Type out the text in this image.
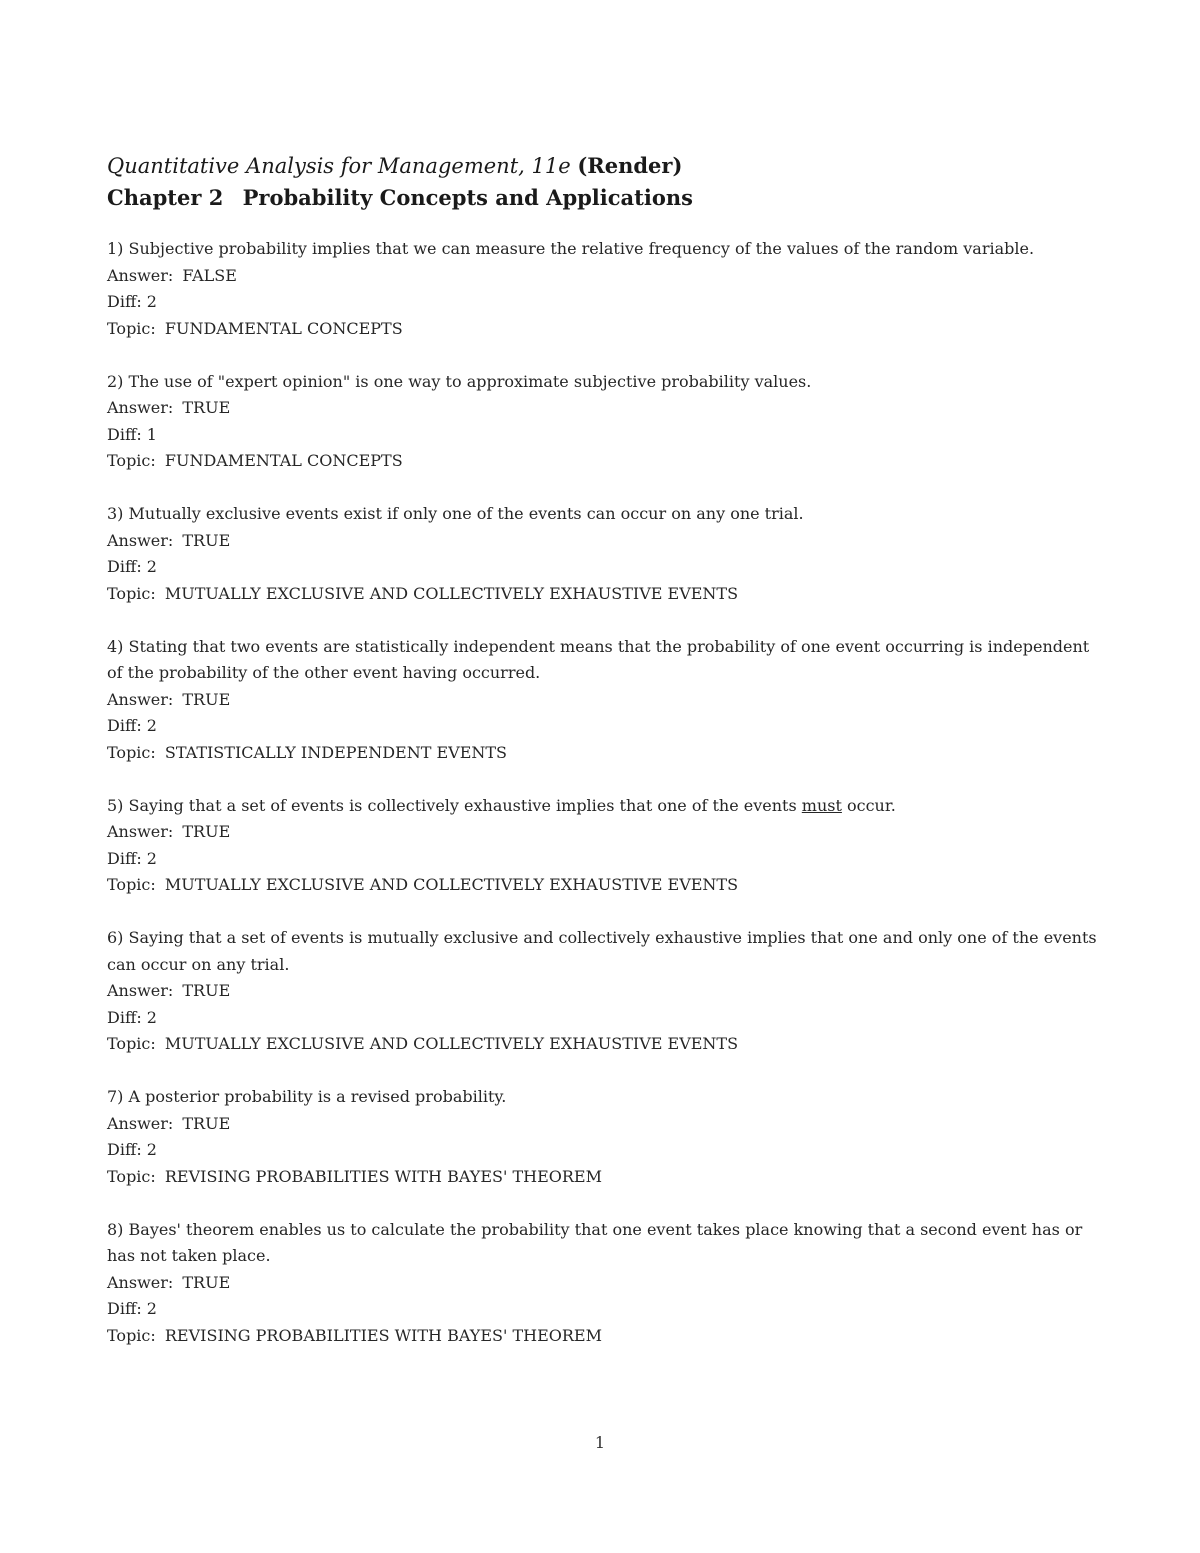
Quantitative Analysis for Management, 11e (Render)
Chapter 2 Probability Concepts and Applications
1) Subjective probability implies that we can measure the relative frequency of the values of the random variable.
Answer: FALSE
Diff: 2
Topic: FUNDAMENTAL CONCEPTS
2) The use of "expert opinion" is one way to approximate subjective probability values.
Answer: TRUE
Diff: 1
Topic: FUNDAMENTAL CONCEPTS
3) Mutually exclusive events exist if only one of the events can occur on any one trial.
Answer: TRUE
Diff: 2
Topic: MUTUALLY EXCLUSIVE AND COLLECTIVELY EXHAUSTIVE EVENTS
4) Stating that two events are statistically independent means that the probability of one event occurring is independent of the probability of the other event having occurred.
Answer: TRUE
Diff: 2
Topic: STATISTICALLY INDEPENDENT EVENTS
5) Saying that a set of events is collectively exhaustive implies that one of the events must occur.
Answer: TRUE
Diff: 2
Topic: MUTUALLY EXCLUSIVE AND COLLECTIVELY EXHAUSTIVE EVENTS
6) Saying that a set of events is mutually exclusive and collectively exhaustive implies that one and only one of the events can occur on any trial.
Answer: TRUE
Diff: 2
Topic: MUTUALLY EXCLUSIVE AND COLLECTIVELY EXHAUSTIVE EVENTS
7) A posterior probability is a revised probability.
Answer: TRUE
Diff: 2
Topic: REVISING PROBABILITIES WITH BAYES' THEOREM
8) Bayes' theorem enables us to calculate the probability that one event takes place knowing that a second event has or has not taken place.
Answer: TRUE
Diff: 2
Topic: REVISING PROBABILITIES WITH BAYES' THEOREM
1
